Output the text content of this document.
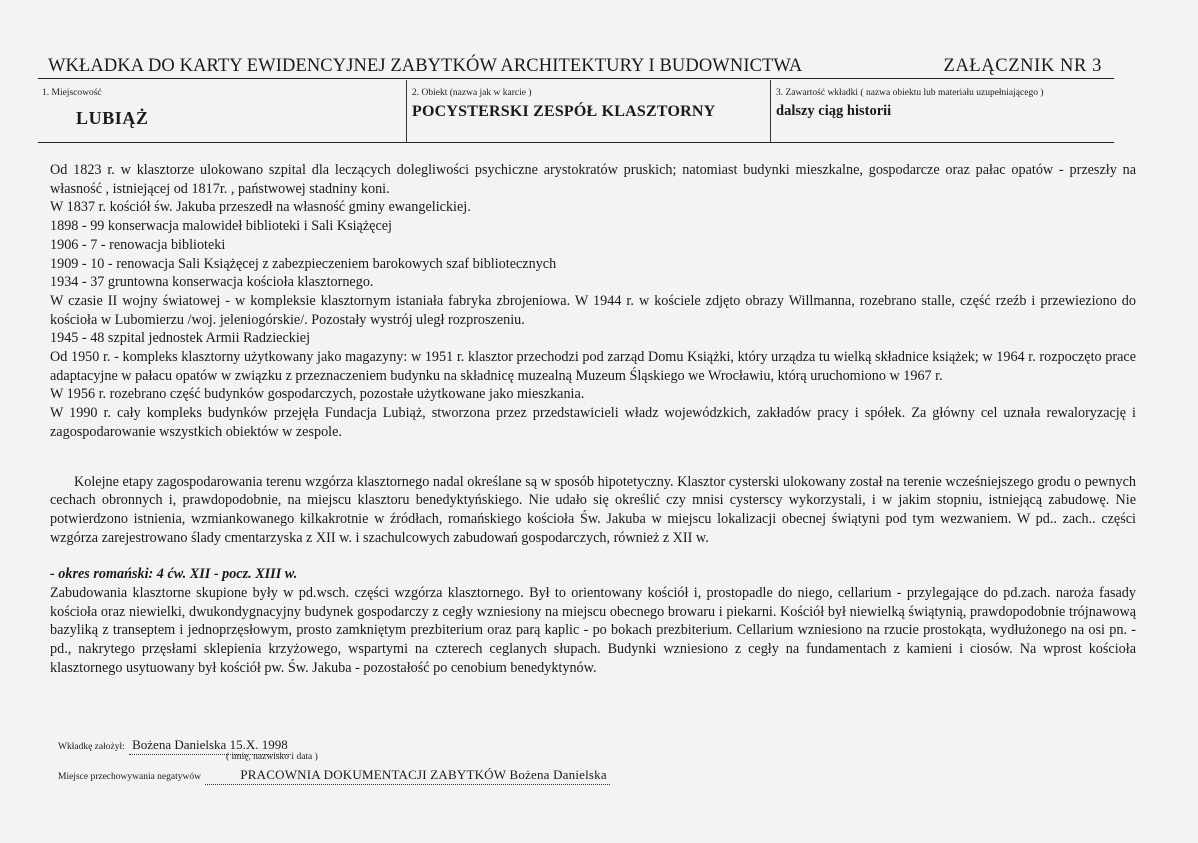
WKŁADKA DO KARTY EWIDENCYJNEJ ZABYTKÓW ARCHITEKTURY I BUDOWNICTWA	ZAŁĄCZNIK NR 3
1. Miejscowość
LUBIĄŻ
2. Obiekt (nazwa jak w karcie )
POCYSTERSKI ZESPÓŁ KLASZTORNY
3. Zawartość wkładki ( nazwa obiektu lub materiału uzupełniającego )
dalszy ciąg historii

Od 1823 r. w klasztorze ulokowano szpital dla leczących dolegliwości psychiczne arystokratów pruskich; natomiast budynki mieszkalne, gospodarcze oraz pałac opatów - przeszły na własność , istniejącej od 1817r. , państwowej stadniny koni.

W 1837 r. kościół św. Jakuba przeszedł na własność gminy ewangelickiej.

1898 - 99 konserwacja malowideł biblioteki i Sali Książęcej

1906 - 7 - renowacja biblioteki

1909 - 10 - renowacja Sali Książęcej z zabezpieczeniem barokowych szaf bibliotecznych

1934 - 37 gruntowna konserwacja kościoła klasztornego.

W czasie II wojny światowej - w kompleksie klasztornym istaniała fabryka zbrojeniowa. W 1944 r. w kościele zdjęto obrazy Willmanna, rozebrano stalle, część rzeźb i przewieziono do kościoła w Lubomierzu /woj. jeleniogórskie/. Pozostały wystrój uległ rozproszeniu.

1945 - 48 szpital jednostek Armii Radzieckiej

Od 1950 r. - kompleks klasztorny użytkowany jako magazyny: w 1951 r. klasztor przechodzi pod zarząd Domu Książki, który urządza tu wielką składnice książek; w 1964 r. rozpoczęto prace adaptacyjne w pałacu opatów w związku z przeznaczeniem budynku na składnicę muzealną Muzeum Śląskiego we Wrocławiu, którą uruchomiono w 1967 r.

W 1956 r. rozebrano część budynków gospodarczych, pozostałe użytkowane jako mieszkania.

W 1990 r. cały kompleks budynków przejęła Fundacja Lubiąż, stworzona przez przedstawicieli władz wojewódzkich, zakładów pracy i spółek. Za główny cel uznała rewaloryzację i zagospodarowanie wszystkich obiektów w zespole.

Kolejne etapy zagospodarowania terenu wzgórza klasztornego nadal określane są w sposób hipotetyczny. Klasztor cysterski ulokowany został na terenie wcześniejszego grodu o pewnych cechach obronnych i, prawdopodobnie, na miejscu klasztoru benedyktyńskiego. Nie udało się określić czy mnisi cysterscy wykorzystali, i w jakim stopniu, istniejącą zabudowę. Nie potwierdzono istnienia, wzmiankowanego kilkakrotnie w źródłach, romańskiego kościoła Św. Jakuba w miejscu lokalizacji obecnej świątyni pod tym wezwaniem. W pd.. zach.. części wzgórza zarejestrowano ślady cmentarzyska z XII w. i szachulcowych zabudowań gospodarczych, również z XII w.

- okres romański: 4 ćw. XII - pocz. XIII w.

Zabudowania klasztorne skupione były w pd.wsch. części wzgórza klasztornego. Był to orientowany kościół i, prostopadle do niego, cellarium - przylegające do pd.zach. naroża fasady kościoła oraz niewielki, dwukondygnacyjny budynek gospodarczy z cegły wzniesiony na miejscu obecnego browaru i piekarni. Kościół był niewielką świątynią, prawdopodobnie trójnawową bazyliką z transeptem i jednoprzęsłowym, prosto zamkniętym prezbiterium oraz parą kaplic - po bokach prezbiterium. Cellarium wzniesiono na rzucie prostokąta, wydłużonego na osi pn. - pd., nakrytego przęsłami sklepienia krzyżowego, wspartymi na czterech ceglanych słupach. Budynki wzniesiono z cegły na fundamentach z kamieni i ciosów. Na wprost kościoła klasztornego usytuowany był kościół pw. Św. Jakuba - pozostałość po cenobium benedyktynów.

Wkładkę założył: Bożena Danielska 15.X. 1998
( imię, nazwisko i data )
Miejsce przechowywania negatywów	PRACOWNIA DOKUMENTACJI ZABYTKÓW Bożena Danielska
